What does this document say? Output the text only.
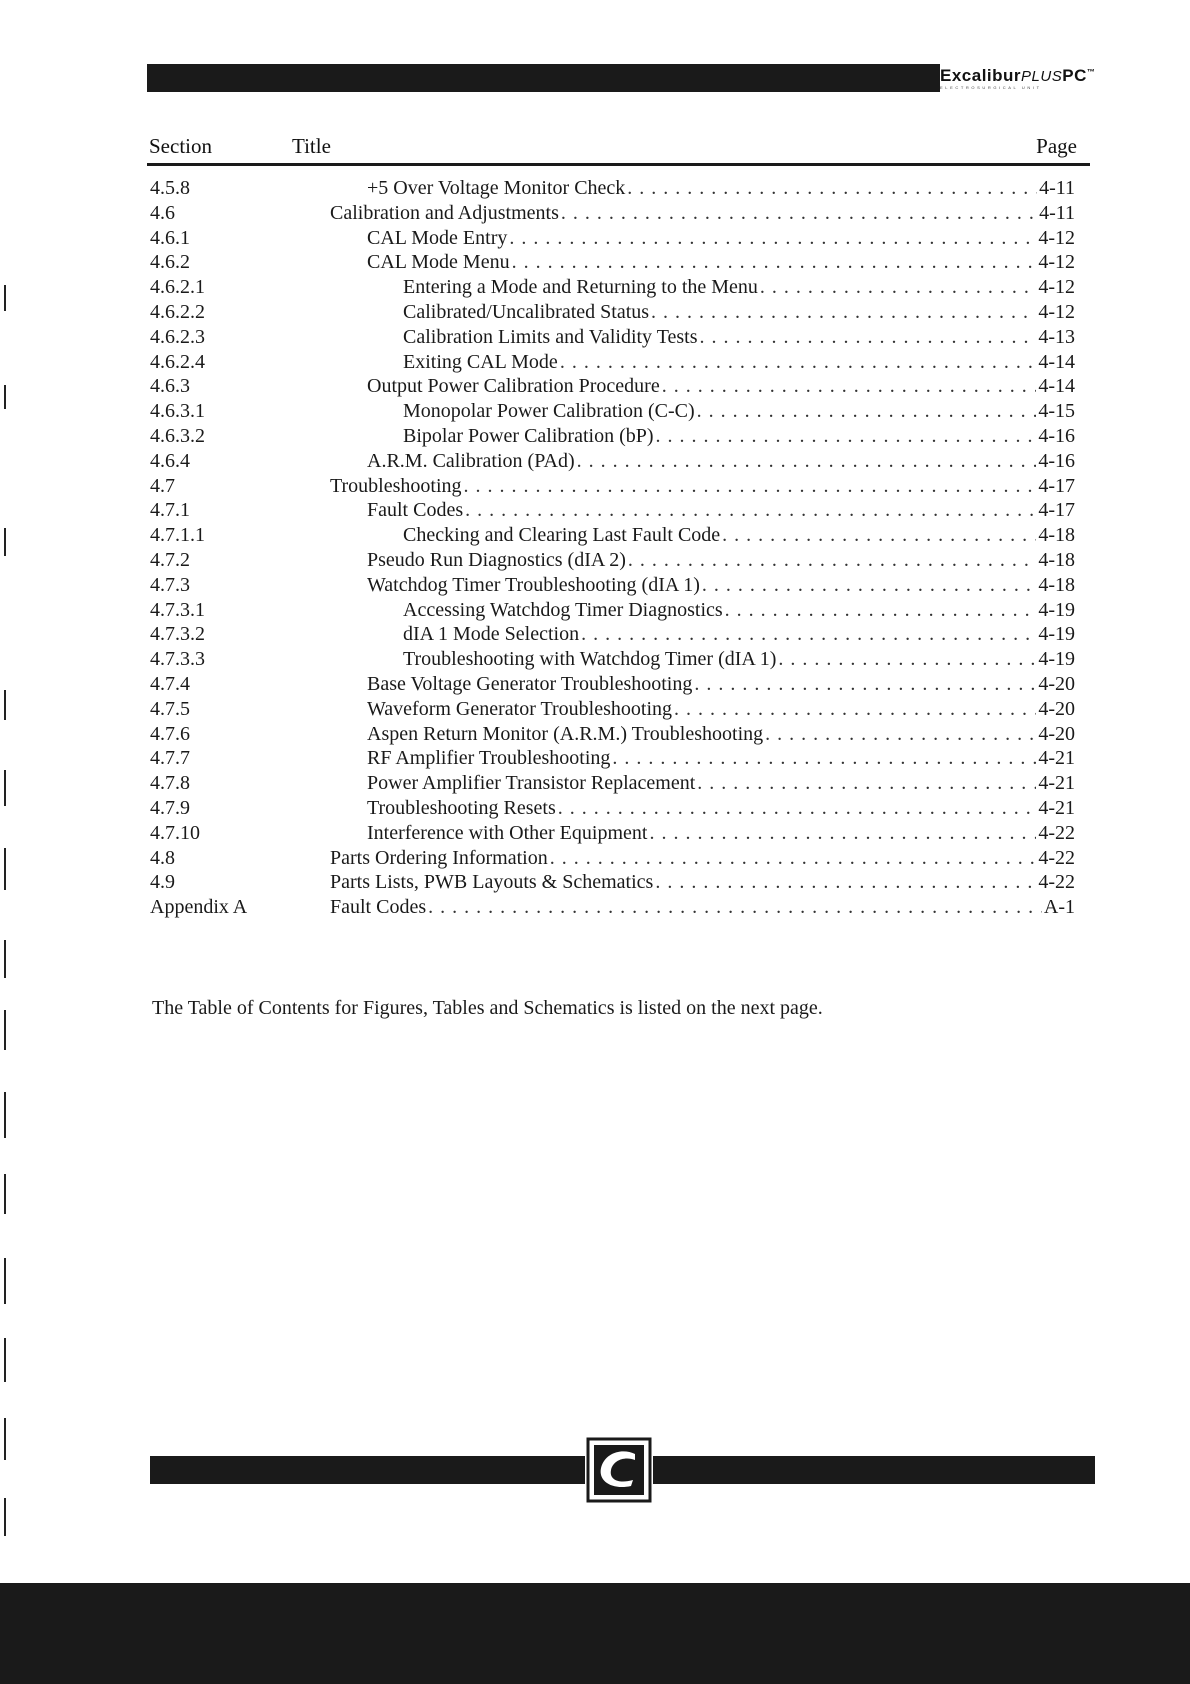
ExcaliburPLUSPC™
ELECTROSURGICAL UNIT
Section	Title	Page
4.5.8	+5 Over Voltage Monitor Check . . .	4-11
4.6	Calibration and Adjustments . . .	4-11
4.6.1	CAL Mode Entry . . .	4-12
4.6.2	CAL Mode Menu . . .	4-12
4.6.2.1	Entering a Mode and Returning to the Menu . . .	4-12
4.6.2.2	Calibrated/Uncalibrated Status . . .	4-12
4.6.2.3	Calibration Limits and Validity Tests . . .	4-13
4.6.2.4	Exiting CAL Mode . . .	4-14
4.6.3	Output Power Calibration Procedure . . .	4-14
4.6.3.1	Monopolar Power Calibration (C-C) . . .	4-15
4.6.3.2	Bipolar Power Calibration (bP) . . .	4-16
4.6.4	A.R.M. Calibration (PAd) . . .	4-16
4.7	Troubleshooting . . .	4-17
4.7.1	Fault Codes . . .	4-17
4.7.1.1	Checking and Clearing Last Fault Code . . .	4-18
4.7.2	Pseudo Run Diagnostics (dIA 2) . . .	4-18
4.7.3	Watchdog Timer Troubleshooting (dIA 1) . . .	4-18
4.7.3.1	Accessing Watchdog Timer Diagnostics . . .	4-19
4.7.3.2	dIA 1 Mode Selection . . .	4-19
4.7.3.3	Troubleshooting with Watchdog Timer (dIA 1) . . .	4-19
4.7.4	Base Voltage Generator Troubleshooting . . .	4-20
4.7.5	Waveform Generator Troubleshooting . . .	4-20
4.7.6	Aspen Return Monitor (A.R.M.) Troubleshooting . . .	4-20
4.7.7	RF Amplifier Troubleshooting . . .	4-21
4.7.8	Power Amplifier Transistor Replacement . . .	4-21
4.7.9	Troubleshooting Resets . . .	4-21
4.7.10	Interference with Other Equipment . . .	4-22
4.8	Parts Ordering Information . . .	4-22
4.9	Parts Lists, PWB Layouts & Schematics . . .	4-22
Appendix A	Fault Codes . . .	A-1
The Table of Contents for Figures, Tables and Schematics is listed on the next page.
